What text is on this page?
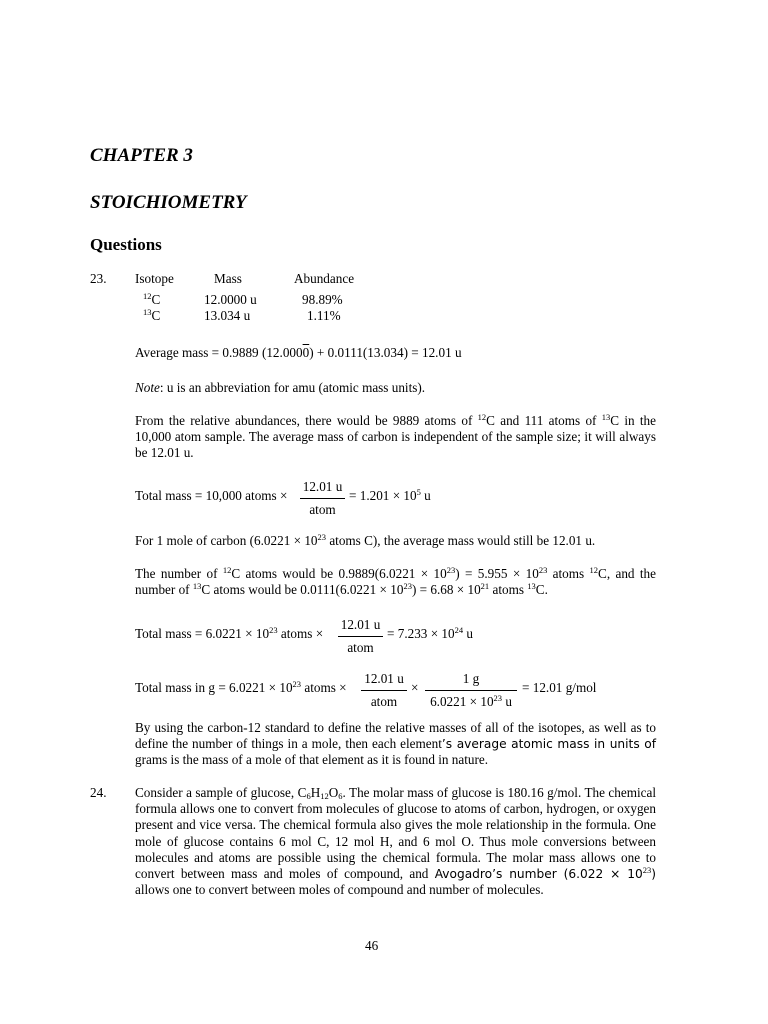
CHAPTER 3
STOICHIOMETRY
Questions
23. Isotope	Mass	Abundance
$^{12}$C	12.0000 u	98.89%
$^{13}$C	13.034 u	1.11%
Average mass = 0.9889 (12.0000) + 0.0111(13.034) = 12.01 u
Note: u is an abbreviation for amu (atomic mass units).
From the relative abundances, there would be 9889 atoms of $^{12}$C and 111 atoms of $^{13}$C in the 10,000 atom sample. The average mass of carbon is independent of the sample size; it will always be 12.01 u.
Total mass = 10,000 atoms ×
12.01 u
atom
= $1.201 \times 10^5$ u
For 1 mole of carbon ($6.0221 \times 10^{23}$ atoms C), the average mass would still be 12.01 u.
The number of $^{12}$C atoms would be $0.9889(6.0221 \times 10^{23}) = 5.955 \times 10^{23}$ atoms $^{12}$C, and the
number of $^{13}$C atoms would be $0.0111(6.0221 \times 10^{23}) = 6.68 \times 10^{21}$ atoms $^{13}$C.
Total mass = $6.0221 \times 10^{23}$ atoms ×
12.01 u
atom
= $7.233 \times 10^{24}$ u
Total mass in $g = 6.0221 \times 10^{23}$ atoms ×
12.01 u
atom
× $\frac{1 g}{6.0221 \times 10^{23} u} = 12.01$ g/mol
By using the carbon-12 standard to define the relative masses of all of the isotopes, as well as to define the number of things in a mole, then each element’s average atomic mass in units of grams is the mass of a mole of that element as it is found in nature.
24. Consider a sample of glucose, $C_6H_{12}O_6$. The molar mass of glucose is 180.16 g/mol. The chemical formula allows one to convert from molecules of glucose to atoms of carbon, hydrogen, or oxygen present and vice versa. The chemical formula also gives the mole relationship in the formula. One mole of glucose contains 6 mol C, 12 mol H, and 6 mol O. Thus mole conversions between molecules and atoms are possible using the chemical formula. The molar mass allows one to convert between mass and moles of compound, and Avogadro’s number $(6.022 \times 10^{23})$ allows one to convert between moles of compound and number of molecules.
46
